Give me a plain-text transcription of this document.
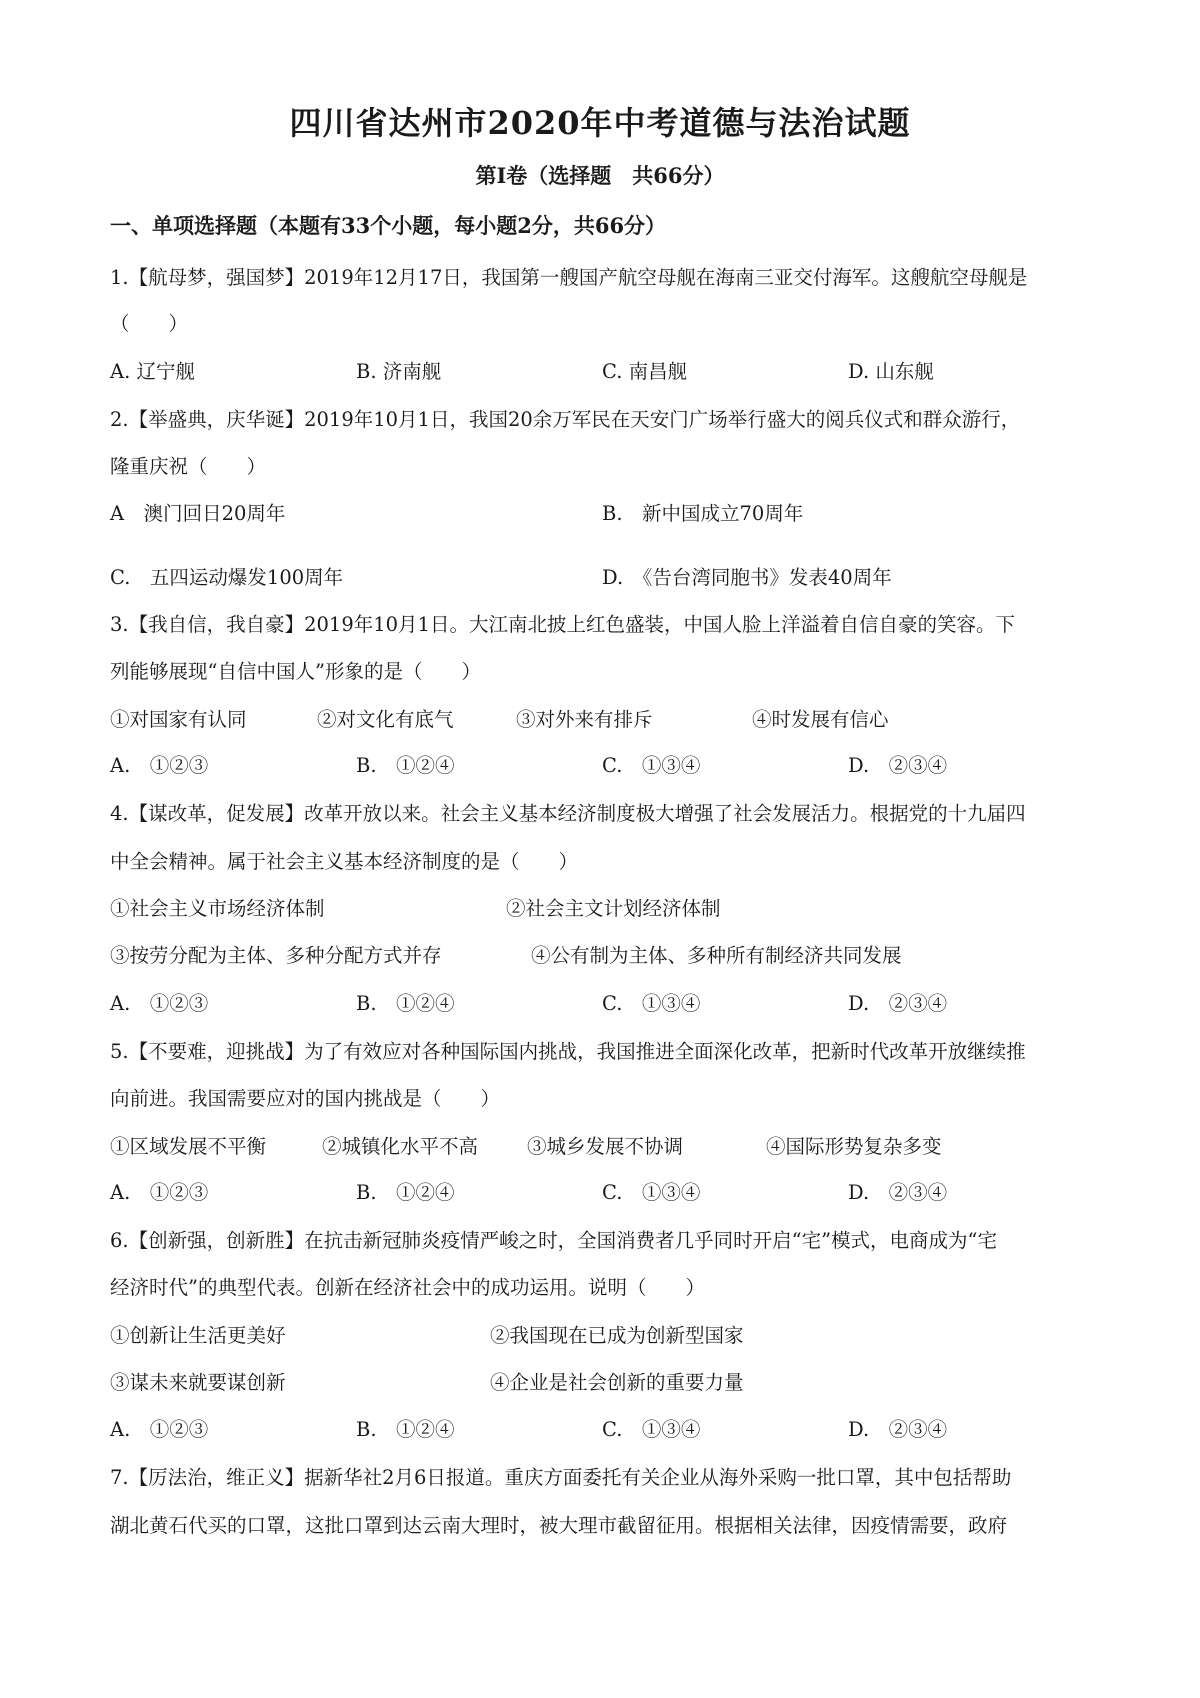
四川省达州市2020年中考道德与法治试题
第I卷（选择题　共66分）
一、单项选择题（本题有33个小题，每小题2分，共66分）
1.【航母梦，强国梦】2019年12月17日，我国第一艘国产航空母舰在海南三亚交付海军。这艘航空母舰是
（　　）
A. 辽宁舰	B. 济南舰	C. 南昌舰	D. 山东舰
2.【举盛典，庆华诞】2019年10月1日，我国20余万军民在天安门广场举行盛大的阅兵仪式和群众游行，
隆重庆祝（　　）
A　澳门回日20周年	B.　新中国成立70周年
C.　五四运动爆发100周年	D.　《告台湾同胞书》发表40周年
3.【我自信，我自豪】2019年10月1日。大江南北披上红色盛装，中国人脸上洋溢着自信自豪的笑容。下
列能够展现“自信中国人”形象的是（　　）
①对国家有认同	②对文化有底气	③对外来有排斥	④时发展有信心
A.　①②③	B.　①②④	C.　①③④	D.　②③④
4.【谋改革，促发展】改革开放以来。社会主义基本经济制度极大增强了社会发展活力。根据党的十九届四
中全会精神。属于社会主义基本经济制度的是（　　）
①社会主义市场经济体制	②社会主文计划经济体制
③按劳分配为主体、多种分配方式并存	④公有制为主体、多种所有制经济共同发展
A.　①②③	B.　①②④	C.　①③④	D.　②③④
5.【不要难，迎挑战】为了有效应对各种国际国内挑战，我国推进全面深化改革，把新时代改革开放继续推
向前进。我国需要应对的国内挑战是（　　）
①区域发展不平衡	②城镇化水平不高	③城乡发展不协调	④国际形势复杂多变
A.　①②③	B.　①②④	C.　①③④	D.　②③④
6.【创新强，创新胜】在抗击新冠肺炎疫情严峻之时，全国消费者几乎同时开启“宅”模式，电商成为“宅
经济时代”的典型代表。创新在经济社会中的成功运用。说明（　　）
①创新让生活更美好	②我国现在已成为创新型国家
③谋未来就要谋创新	④企业是社会创新的重要力量
A.　①②③	B.　①②④	C.　①③④	D.　②③④
7.【厉法治，维正义】据新华社2月6日报道。重庆方面委托有关企业从海外采购一批口罩，其中包括帮助
湖北黄石代买的口罩，这批口罩到达云南大理时，被大理市截留征用。根据相关法律，因疫情需要，政府
